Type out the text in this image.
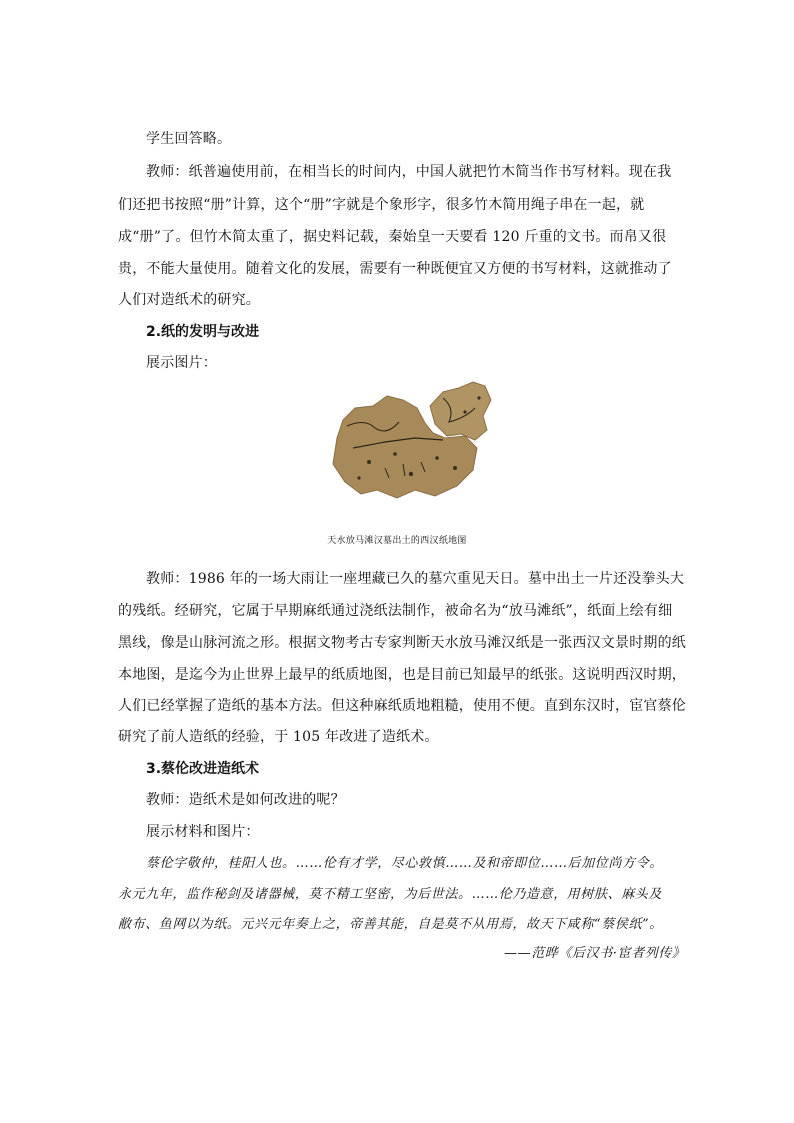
学生回答略。
教师：纸普遍使用前，在相当长的时间内，中国人就把竹木简当作书写材料。现在我
们还把书按照“册”计算，这个“册”字就是个象形字，很多竹木简用绳子串在一起，就
成“册”了。但竹木简太重了，据史料记载，秦始皇一天要看 120 斤重的文书。而帛又很
贵，不能大量使用。随着文化的发展，需要有一种既便宜又方便的书写材料，这就推动了
人们对造纸术的研究。
2.纸的发明与改进
展示图片：
天水放马滩汉墓出土的西汉纸地图
教师：1986 年的一场大雨让一座埋藏已久的墓穴重见天日。墓中出土一片还没拳头大
的残纸。经研究，它属于早期麻纸通过浇纸法制作，被命名为“放马滩纸”，纸面上绘有细
黑线，像是山脉河流之形。根据文物考古专家判断天水放马滩汉纸是一张西汉文景时期的纸
本地图，是迄今为止世界上最早的纸质地图，也是目前已知最早的纸张。这说明西汉时期，
人们已经掌握了造纸的基本方法。但这种麻纸质地粗糙，使用不便。直到东汉时，宦官蔡伦
研究了前人造纸的经验，于 105 年改进了造纸术。
3.蔡伦改进造纸术
教师：造纸术是如何改进的呢？
展示材料和图片：
蔡伦字敬仲，桂阳人也。……伦有才学，尽心敦慎……及和帝即位……后加位尚方令。
永元九年，监作秘剑及诸器械，莫不精工坚密，为后世法。……伦乃造意，用树肤、麻头及
敝布、鱼网以为纸。元兴元年奏上之，帝善其能，自是莫不从用焉，故天下咸称“蔡侯纸”。
——范晔《后汉书·宦者列传》
